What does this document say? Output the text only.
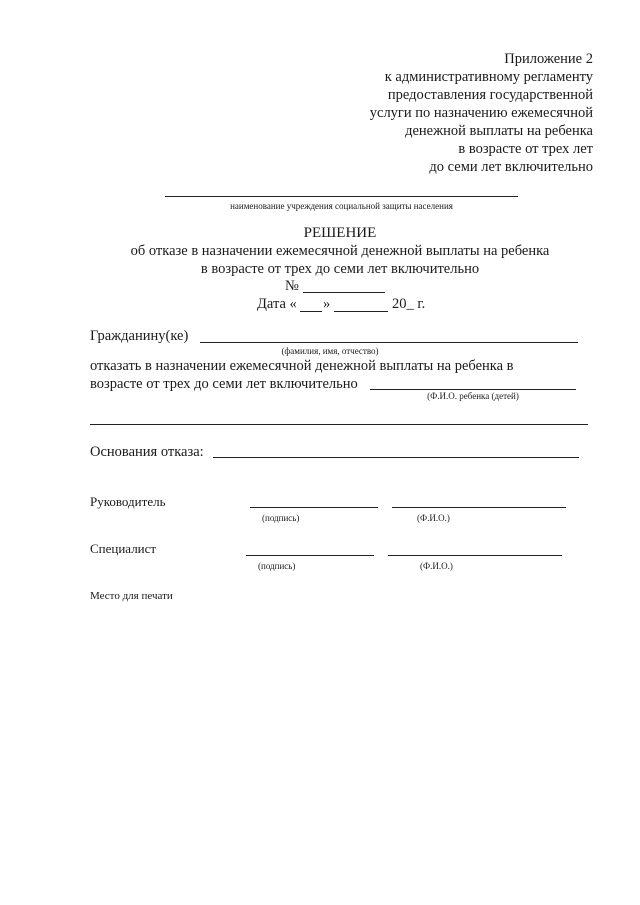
Приложение 2
к административному регламенту
предоставления государственной
услуги по назначению ежемесячной
денежной выплаты на ребенка
в возрасте от трех лет
до семи лет включительно
наименование учреждения социальной защиты населения
РЕШЕНИЕ
об отказе в назначении ежемесячной денежной выплаты на ребенка
в возрасте от трех до семи лет включительно
№
Дата « »	20_ г.
Гражданину(ке)
(фамилия, имя, отчество)
отказать в назначении ежемесячной денежной выплаты на ребенка в
возрасте от трех до семи лет включительно
(Ф.И.О. ребенка (детей)
Основания отказа:
Руководитель
(подпись)	(Ф.И.О.)
Специалист
(подпись)	(Ф.И.О.)
Место для печати
